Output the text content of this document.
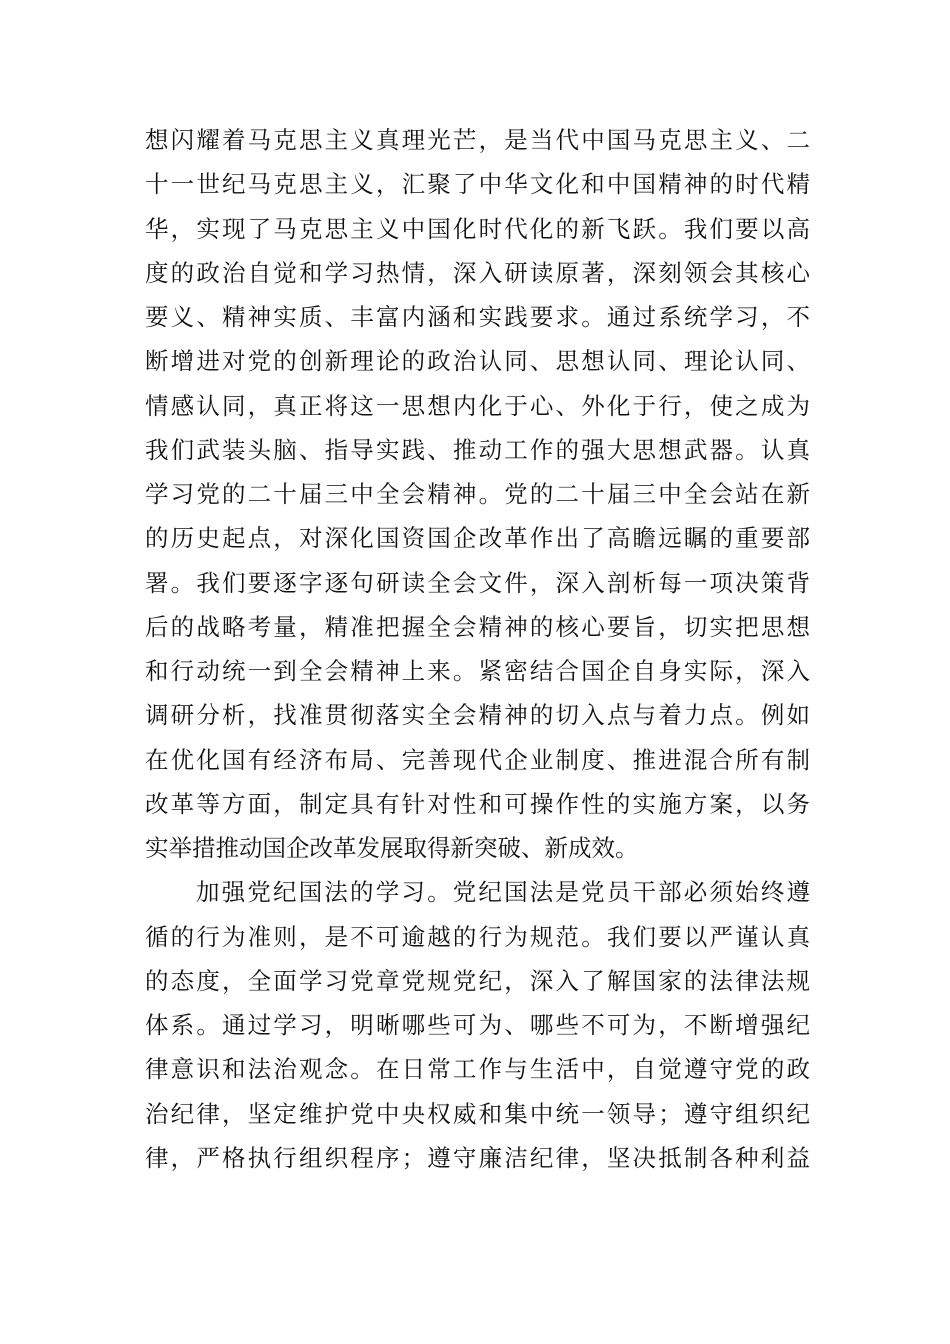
想闪耀着马克思主义真理光芒，是当代中国马克思主义、二
十一世纪马克思主义，汇聚了中华文化和中国精神的时代精
华，实现了马克思主义中国化时代化的新飞跃。我们要以高
度的政治自觉和学习热情，深入研读原著，深刻领会其核心
要义、精神实质、丰富内涵和实践要求。通过系统学习，不
断增进对党的创新理论的政治认同、思想认同、理论认同、
情感认同，真正将这一思想内化于心、外化于行，使之成为
我们武装头脑、指导实践、推动工作的强大思想武器。认真
学习党的二十届三中全会精神。党的二十届三中全会站在新
的历史起点，对深化国资国企改革作出了高瞻远瞩的重要部
署。我们要逐字逐句研读全会文件，深入剖析每一项决策背
后的战略考量，精准把握全会精神的核心要旨，切实把思想
和行动统一到全会精神上来。紧密结合国企自身实际，深入
调研分析，找准贯彻落实全会精神的切入点与着力点。例如
在优化国有经济布局、完善现代企业制度、推进混合所有制
改革等方面，制定具有针对性和可操作性的实施方案，以务
实举措推动国企改革发展取得新突破、新成效。
加强党纪国法的学习。党纪国法是党员干部必须始终遵
循的行为准则，是不可逾越的行为规范。我们要以严谨认真
的态度，全面学习党章党规党纪，深入了解国家的法律法规
体系。通过学习，明晰哪些可为、哪些不可为，不断增强纪
律意识和法治观念。在日常工作与生活中，自觉遵守党的政
治纪律，坚定维护党中央权威和集中统一领导；遵守组织纪
律，严格执行组织程序；遵守廉洁纪律，坚决抵制各种利益
